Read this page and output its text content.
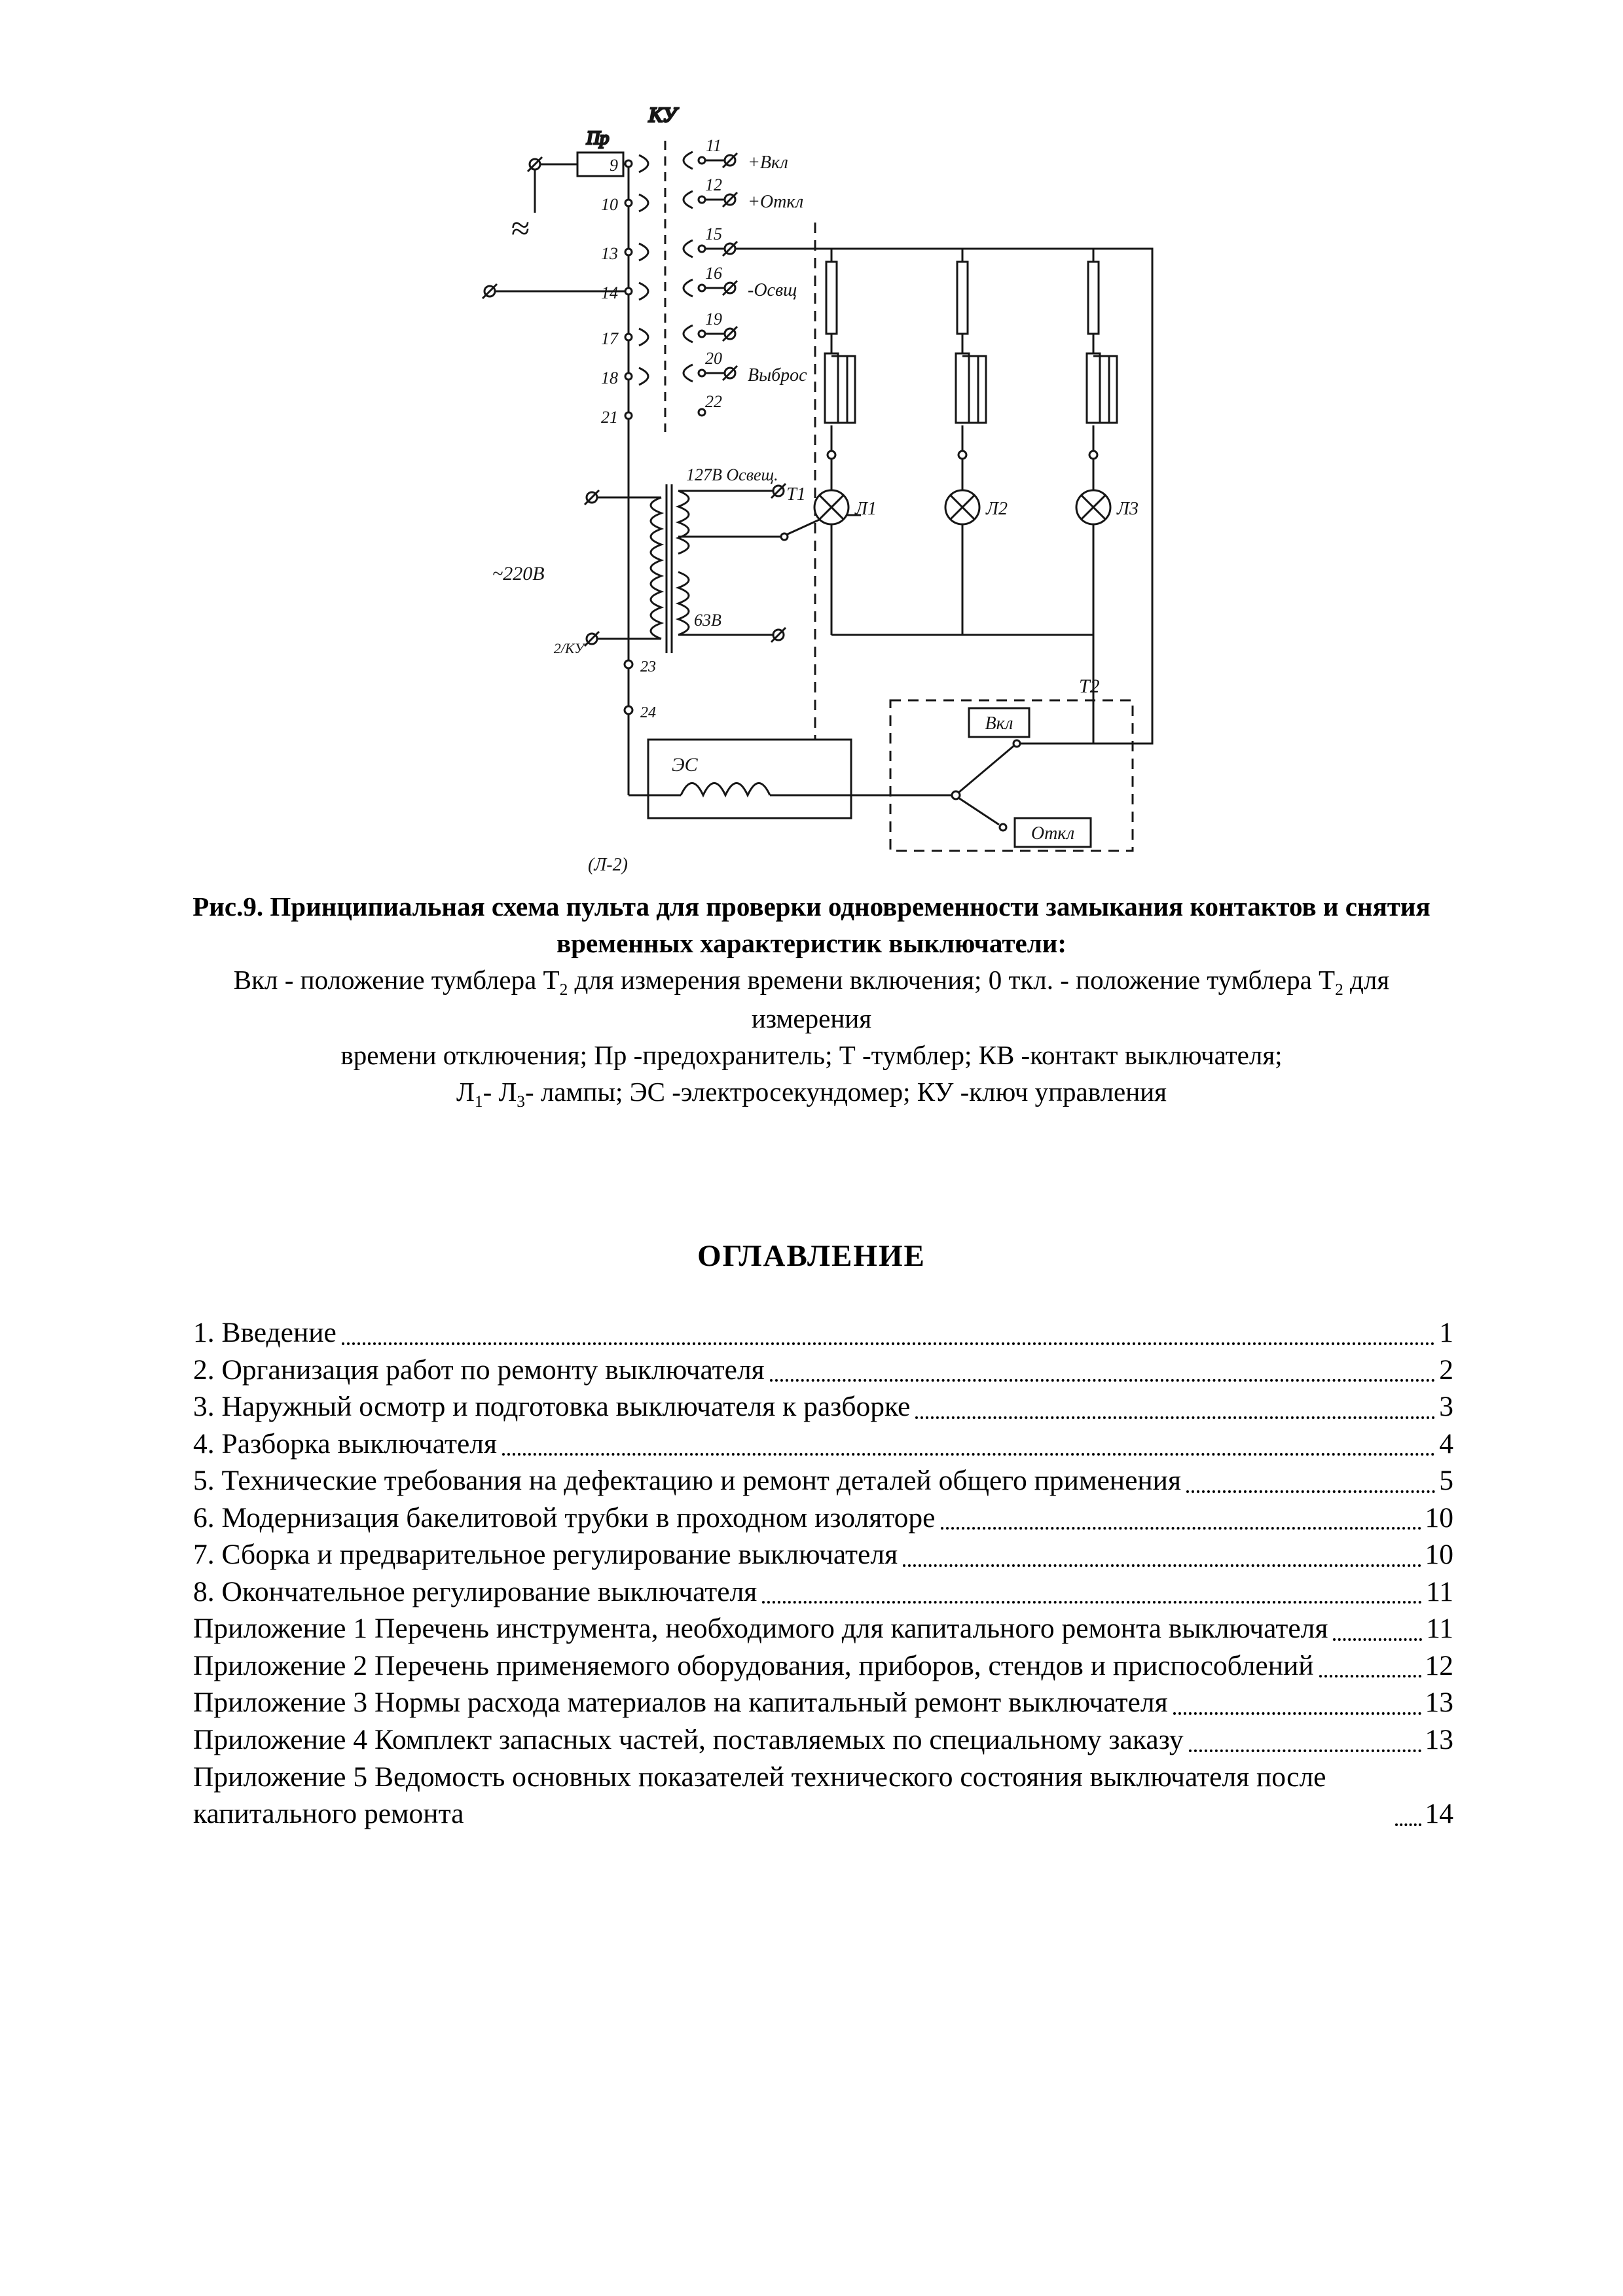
Пр
≈
КУ
9
10
13
14
17
18
21
11
12
15
16
19
20
22
+Вкл
+Откл
-Освщ
Выброс
~220В
127В Освещ.
63В
Т1
Л1	Л2	Л3
ЭС
23
24
2/КУ
(Л-2)
Т2
Вкл
Откл
Рис.9. Принципиальная схема пульта для проверки одновременности замыкания контактов и снятия
временных характеристик выключатели:
Вкл - положение тумблера $Т_2$ для измерения времени включения; 0 ткл. - положение тумблера $Т_2$ для измерения
времени отключения; Пр -предохранитель; Т -тумблер; КВ -контакт выключателя;
$Л_1-$ $Л_3-$ лампы; ЭС -электросекундомер; КУ -ключ управления
ОГЛАВЛЕНИЕ
1. Введение	1
2. Организация работ по ремонту выключателя	2
3. Наружный осмотр и подготовка выключателя к разборке	3
4. Разборка выключателя	4
5. Технические требования на дефектацию и ремонт деталей общего применения	5
6. Модернизация бакелитовой трубки в проходном изоляторе	10
7. Сборка и предварительное регулирование выключателя	10
8. Окончательное регулирование выключателя	11
Приложение 1 Перечень инструмента, необходимого для капитального ремонта выключателя	11
Приложение 2 Перечень применяемого оборудования, приборов, стендов и приспособлений	12
Приложение 3 Нормы расхода материалов на капитальный ремонт выключателя	13
Приложение 4 Комплект запасных частей, поставляемых по специальному заказу	13
Приложение 5 Ведомость основных показателей технического состояния выключателя после капитального ремонта	14
